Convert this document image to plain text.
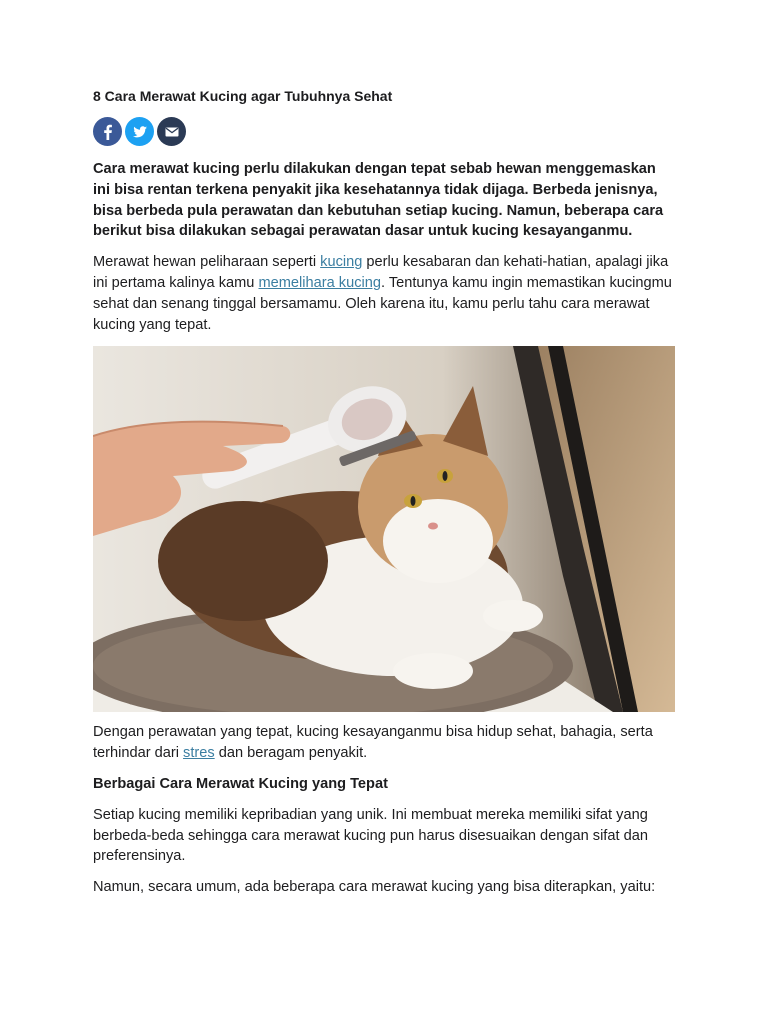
8 Cara Merawat Kucing agar Tubuhnya Sehat

Cara merawat kucing perlu dilakukan dengan tepat sebab hewan menggemaskan ini bisa rentan terkena penyakit jika kesehatannya tidak dijaga. Berbeda jenisnya, bisa berbeda pula perawatan dan kebutuhan setiap kucing. Namun, beberapa cara berikut bisa dilakukan sebagai perawatan dasar untuk kucing kesayanganmu.

Merawat hewan peliharaan seperti kucing perlu kesabaran dan kehati-hatian, apalagi jika ini pertama kalinya kamu memelihara kucing. Tentunya kamu ingin memastikan kucingmu sehat dan senang tinggal bersamamu. Oleh karena itu, kamu perlu tahu cara merawat kucing yang tepat.

Dengan perawatan yang tepat, kucing kesayanganmu bisa hidup sehat, bahagia, serta terhindar dari stres dan beragam penyakit.

Berbagai Cara Merawat Kucing yang Tepat

Setiap kucing memiliki kepribadian yang unik. Ini membuat mereka memiliki sifat yang berbeda-beda sehingga cara merawat kucing pun harus disesuaikan dengan sifat dan preferensinya.

Namun, secara umum, ada beberapa cara merawat kucing yang bisa diterapkan, yaitu:
